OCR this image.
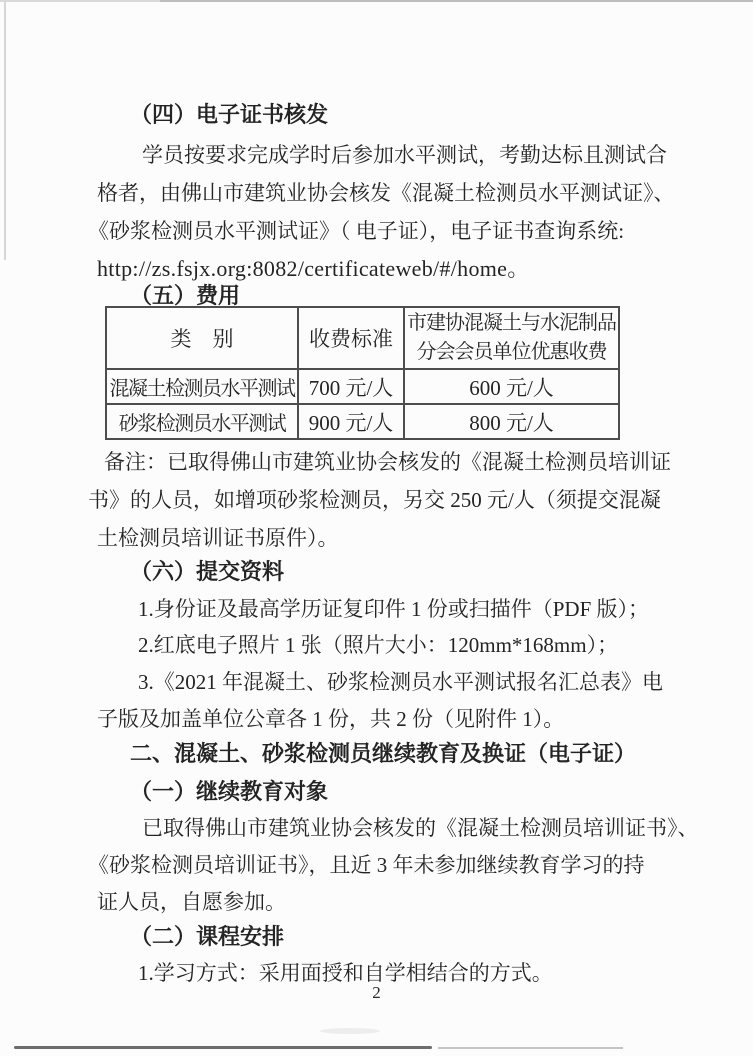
（四）电子证书核发
学员按要求完成学时后参加水平测试，考勤达标且测试合
格者，由佛山市建筑业协会核发《混凝土检测员水平测试证》、
《砂浆检测员水平测试证》（ 电子证），电子证书查询系统:
http://zs.fsjx.org:8082/certificateweb/#/home。
（五）费用
类　别	收费标准	市建协混凝土与水泥制品
分会会员单位优惠收费

混凝土检测员水平测试	700 元/人	600 元/人
砂浆检测员水平测试	900 元/人	800 元/人
备注：已取得佛山市建筑业协会核发的《混凝土检测员培训证
书》的人员，如增项砂浆检测员，另交 250 元/人（须提交混凝
土检测员培训证书原件）。
（六）提交资料
1.身份证及最高学历证复印件 1 份或扫描件（PDF 版）；
2.红底电子照片 1 张（照片大小：120mm*168mm）；
3.《2021 年混凝土、砂浆检测员水平测试报名汇总表》电
子版及加盖单位公章各 1 份，共 2 份（见附件 1）。
二、混凝土、砂浆检测员继续教育及换证（电子证）
（一）继续教育对象
已取得佛山市建筑业协会核发的《混凝土检测员培训证书》、
《砂浆检测员培训证书》，且近 3 年未参加继续教育学习的持
证人员，自愿参加。
（二）课程安排
1.学习方式：采用面授和自学相结合的方式。
2
